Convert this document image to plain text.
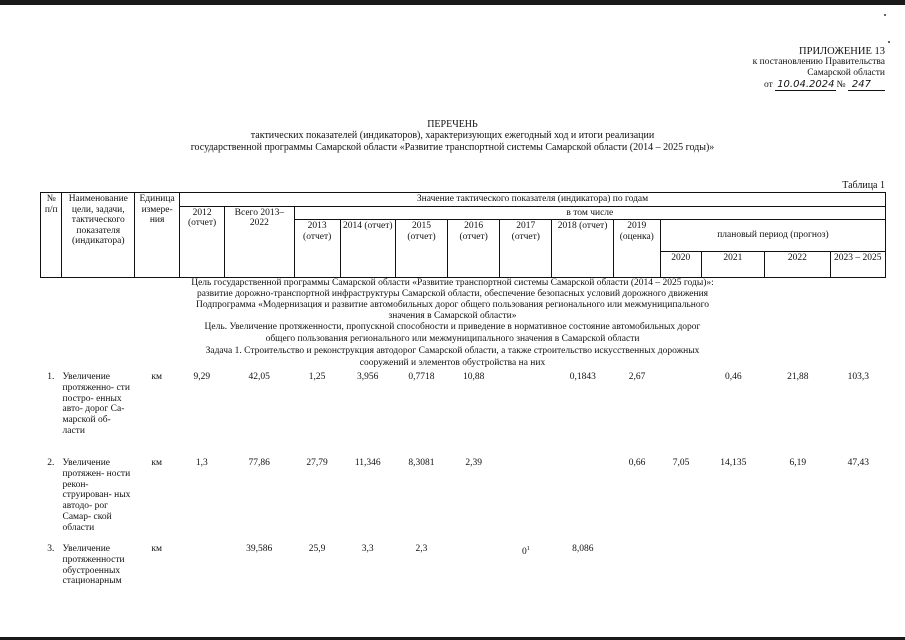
ПРИЛОЖЕНИЕ 13
к постановлению Правительства
Самарской области
от 10.04.2024 № 247
ПЕРЕЧЕНЬ
тактических показателей (индикаторов), характеризующих ежегодный ход и итоги реализации
государственной программы Самарской области «Развитие транспортной системы Самарской области (2014 – 2025 годы)»
Таблица 1
№ п/п	Наименование цели, задачи, тактического показателя (индикатора)	Единица измере- ния	Значение тактического показателя (индикатора) по годам												
			2012 (отчет)	Всего 2013–2022	в том числе										
					2013 (отчет)	2014 (отчет)	2015 (отчет)	2016 (отчет)	2017 (отчет)	2018 (отчет)	2019 (оценка)	плановый период (прогноз)			
												2020	2021	2022	2023 – 2025
Цель государственной программы Самарской области «Развитие транспортной системы Самарской области (2014 – 2025 годы)»:
развитие дорожно-транспортной инфраструктуры Самарской области, обеспечение безопасных условий дорожного движения
Подпрограмма «Модернизация и развитие автомобильных дорог общего пользования регионального или межмуниципального
значения в Самарской области»
Цель. Увеличение протяженности, пропускной способности и приведение в нормативное состояние автомобильных дорог
общего пользования регионального или межмуниципального значения в Самарской области
Задача 1. Строительство и реконструкция автодорог Самарской области, а также строительство искусственных дорожных
сооружений и элементов обустройства на них
1.	Увеличение протяженно- сти постро- енных авто- дорог Са- марской об- ласти	км	9,29	42,05	1,25	3,956	0,7718	10,88		0,1843	2,67		0,46	21,88	103,3
2.	Увеличение протяжен- ности рекон- струирован- ных автодо- рог Самар- ской области	км	1,3	77,86	27,79	11,346	8,3081	2,39			0,66	7,05	14,135	6,19	47,43
3.	Увеличение протяженности обустроенных стационарным	км		39,586	25,9	3,3	2,3		$0^1$	8,086					
